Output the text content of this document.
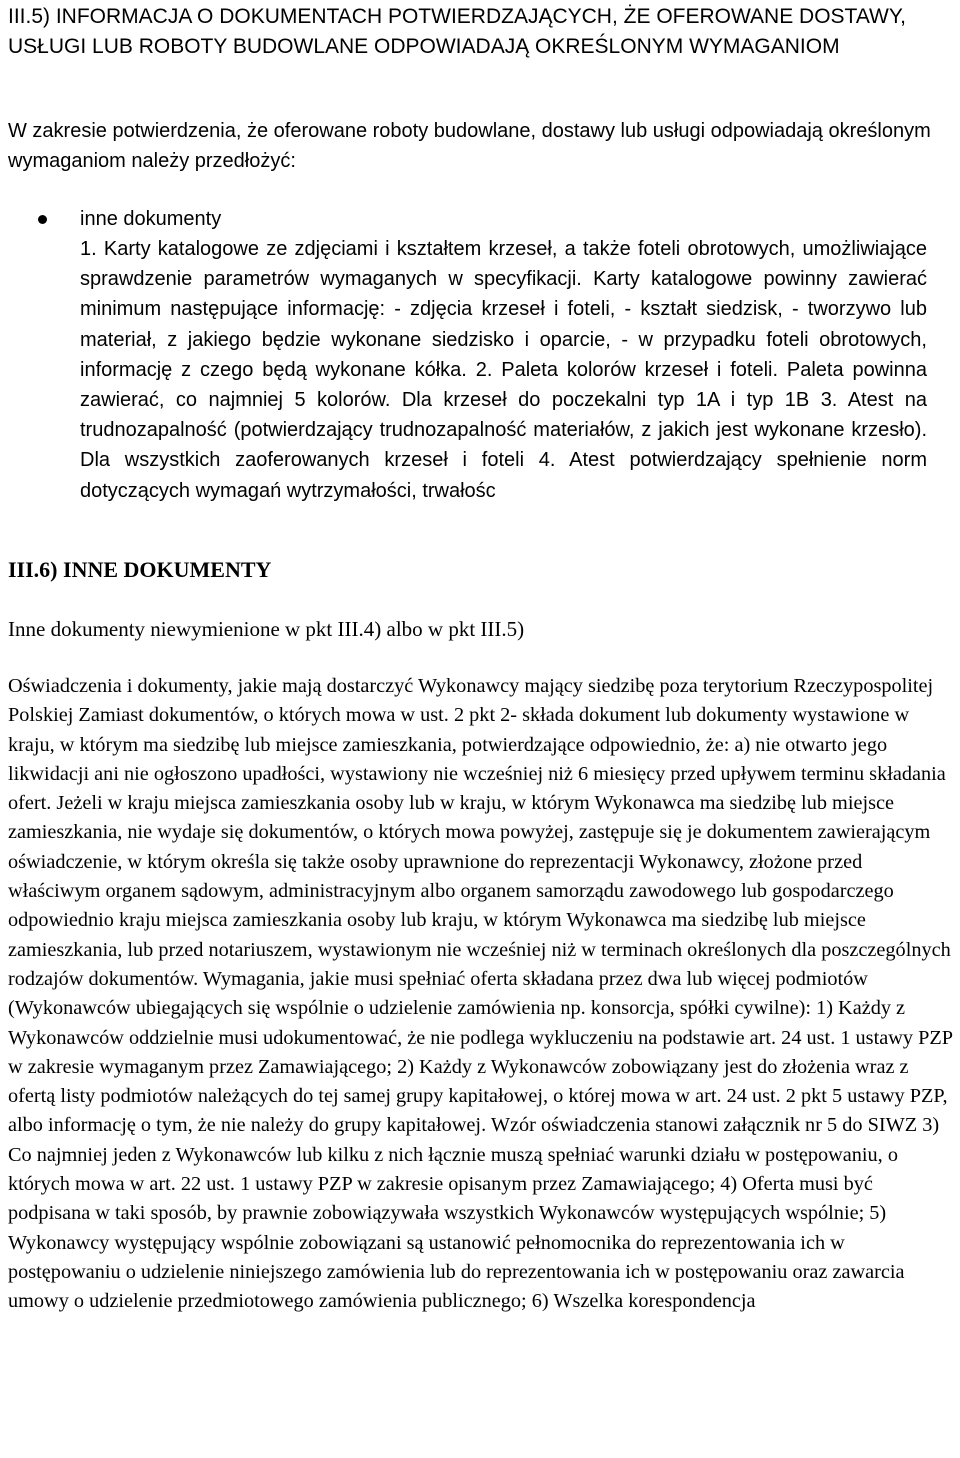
III.5) INFORMACJA O DOKUMENTACH POTWIERDZAJĄCYCH, ŻE OFEROWANE DOSTAWY, USŁUGI LUB ROBOTY BUDOWLANE ODPOWIADAJĄ OKREŚLONYM WYMAGANIOM
W zakresie potwierdzenia, że oferowane roboty budowlane, dostawy lub usługi odpowiadają określonym wymaganiom należy przedłożyć:
inne dokumenty
1. Karty katalogowe ze zdjęciami i kształtem krzeseł, a także foteli obrotowych, umożliwiające sprawdzenie parametrów wymaganych w specyfikacji. Karty katalogowe powinny zawierać minimum następujące informację: - zdjęcia krzeseł i foteli, - kształt siedzisk, - tworzywo lub materiał, z jakiego będzie wykonane siedzisko i oparcie, - w przypadku foteli obrotowych, informację z czego będą wykonane kółka. 2. Paleta kolorów krzeseł i foteli. Paleta powinna zawierać, co najmniej 5 kolorów. Dla krzeseł do poczekalni typ 1A i typ 1B 3. Atest na trudnozapalność (potwierdzający trudnozapalność materiałów, z jakich jest wykonane krzesło). Dla wszystkich zaoferowanych krzeseł i foteli 4. Atest potwierdzający spełnienie norm dotyczących wymagań wytrzymałości, trwałośc
III.6) INNE DOKUMENTY
Inne dokumenty niewymienione w pkt III.4) albo w pkt III.5)
Oświadczenia i dokumenty, jakie mają dostarczyć Wykonawcy mający siedzibę poza terytorium Rzeczypospolitej Polskiej Zamiast dokumentów, o których mowa w ust. 2 pkt 2- składa dokument lub dokumenty wystawione w kraju, w którym ma siedzibę lub miejsce zamieszkania, potwierdzające odpowiednio, że: a) nie otwarto jego likwidacji ani nie ogłoszono upadłości, wystawiony nie wcześniej niż 6 miesięcy przed upływem terminu składania ofert. Jeżeli w kraju miejsca zamieszkania osoby lub w kraju, w którym Wykonawca ma siedzibę lub miejsce zamieszkania, nie wydaje się dokumentów, o których mowa powyżej, zastępuje się je dokumentem zawierającym oświadczenie, w którym określa się także osoby uprawnione do reprezentacji Wykonawcy, złożone przed właściwym organem sądowym, administracyjnym albo organem samorządu zawodowego lub gospodarczego odpowiednio kraju miejsca zamieszkania osoby lub kraju, w którym Wykonawca ma siedzibę lub miejsce zamieszkania, lub przed notariuszem, wystawionym nie wcześniej niż w terminach określonych dla poszczególnych rodzajów dokumentów. Wymagania, jakie musi spełniać oferta składana przez dwa lub więcej podmiotów (Wykonawców ubiegających się wspólnie o udzielenie zamówienia np. konsorcja, spółki cywilne): 1) Każdy z Wykonawców oddzielnie musi udokumentować, że nie podlega wykluczeniu na podstawie art. 24 ust. 1 ustawy PZP w zakresie wymaganym przez Zamawiającego; 2) Każdy z Wykonawców zobowiązany jest do złożenia wraz z ofertą listy podmiotów należących do tej samej grupy kapitałowej, o której mowa w art. 24 ust. 2 pkt 5 ustawy PZP, albo informację o tym, że nie należy do grupy kapitałowej. Wzór oświadczenia stanowi załącznik nr 5 do SIWZ 3) Co najmniej jeden z Wykonawców lub kilku z nich łącznie muszą spełniać warunki działu w postępowaniu, o których mowa w art. 22 ust. 1 ustawy PZP w zakresie opisanym przez Zamawiającego; 4) Oferta musi być podpisana w taki sposób, by prawnie zobowiązywała wszystkich Wykonawców występujących wspólnie; 5) Wykonawcy występujący wspólnie zobowiązani są ustanowić pełnomocnika do reprezentowania ich w postępowaniu o udzielenie niniejszego zamówienia lub do reprezentowania ich w postępowaniu oraz zawarcia umowy o udzielenie przedmiotowego zamówienia publicznego; 6) Wszelka korespondencja
